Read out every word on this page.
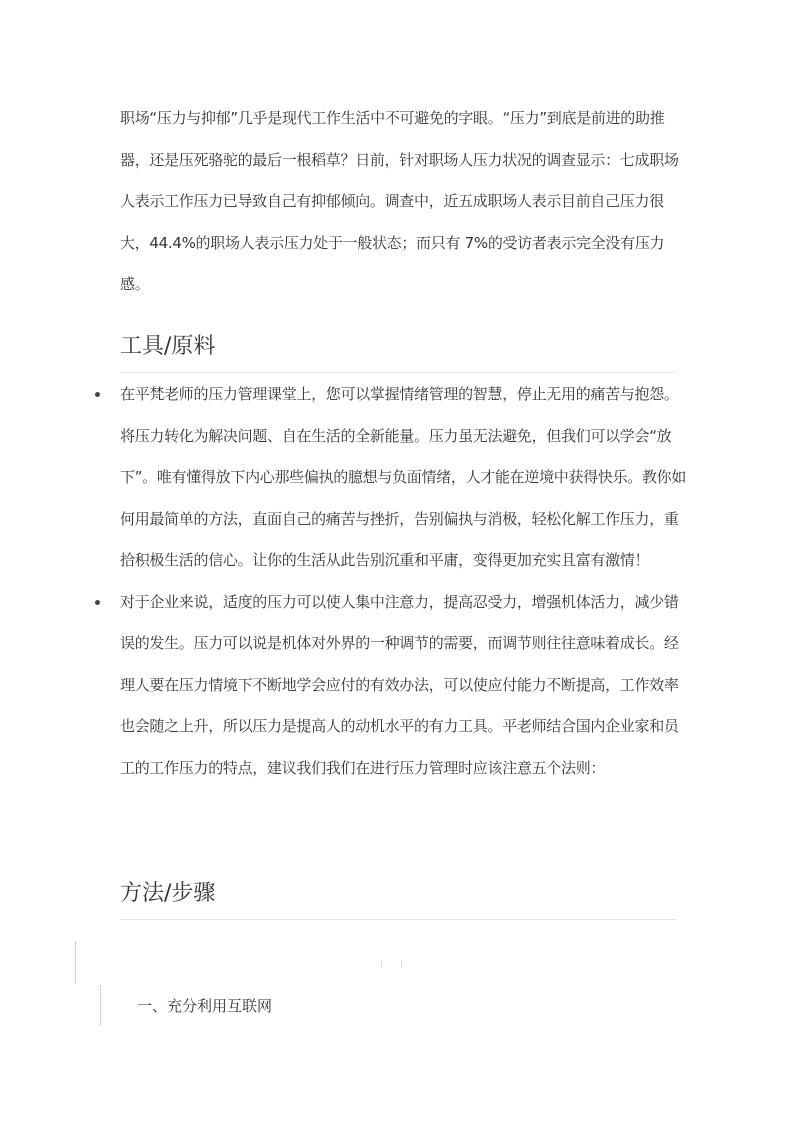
职场“压力与抑郁”几乎是现代工作生活中不可避免的字眼。“压力”到底是前进的助推器，还是压死骆驼的最后一根稻草？日前，针对职场人压力状况的调查显示：七成职场人表示工作压力已导致自己有抑郁倾向。调查中，近五成职场人表示目前自己压力很大，44.4%的职场人表示压力处于一般状态；而只有 7%的受访者表示完全没有压力感。

工具/原料
在平梵老师的压力管理课堂上，您可以掌握情绪管理的智慧，停止无用的痛苦与抱怨。将压力转化为解决问题、自在生活的全新能量。压力虽无法避免，但我们可以学会“放下”。唯有懂得放下内心那些偏执的臆想与负面情绪，人才能在逆境中获得快乐。教你如何用最简单的方法，直面自己的痛苦与挫折，告别偏执与消极，轻松化解工作压力，重拾积极生活的信心。让你的生活从此告别沉重和平庸，变得更加充实且富有激情！
对于企业来说，适度的压力可以使人集中注意力，提高忍受力，增强机体活力，减少错误的发生。压力可以说是机体对外界的一种调节的需要，而调节则往往意味着成长。经理人要在压力情境下不断地学会应付的有效办法，可以使应付能力不断提高，工作效率也会随之上升，所以压力是提高人的动机水平的有力工具。平老师结合国内企业家和员工的工作压力的特点，建议我们我们在进行压力管理时应该注意五个法则：
方法/步骤

一、充分利用互联网
